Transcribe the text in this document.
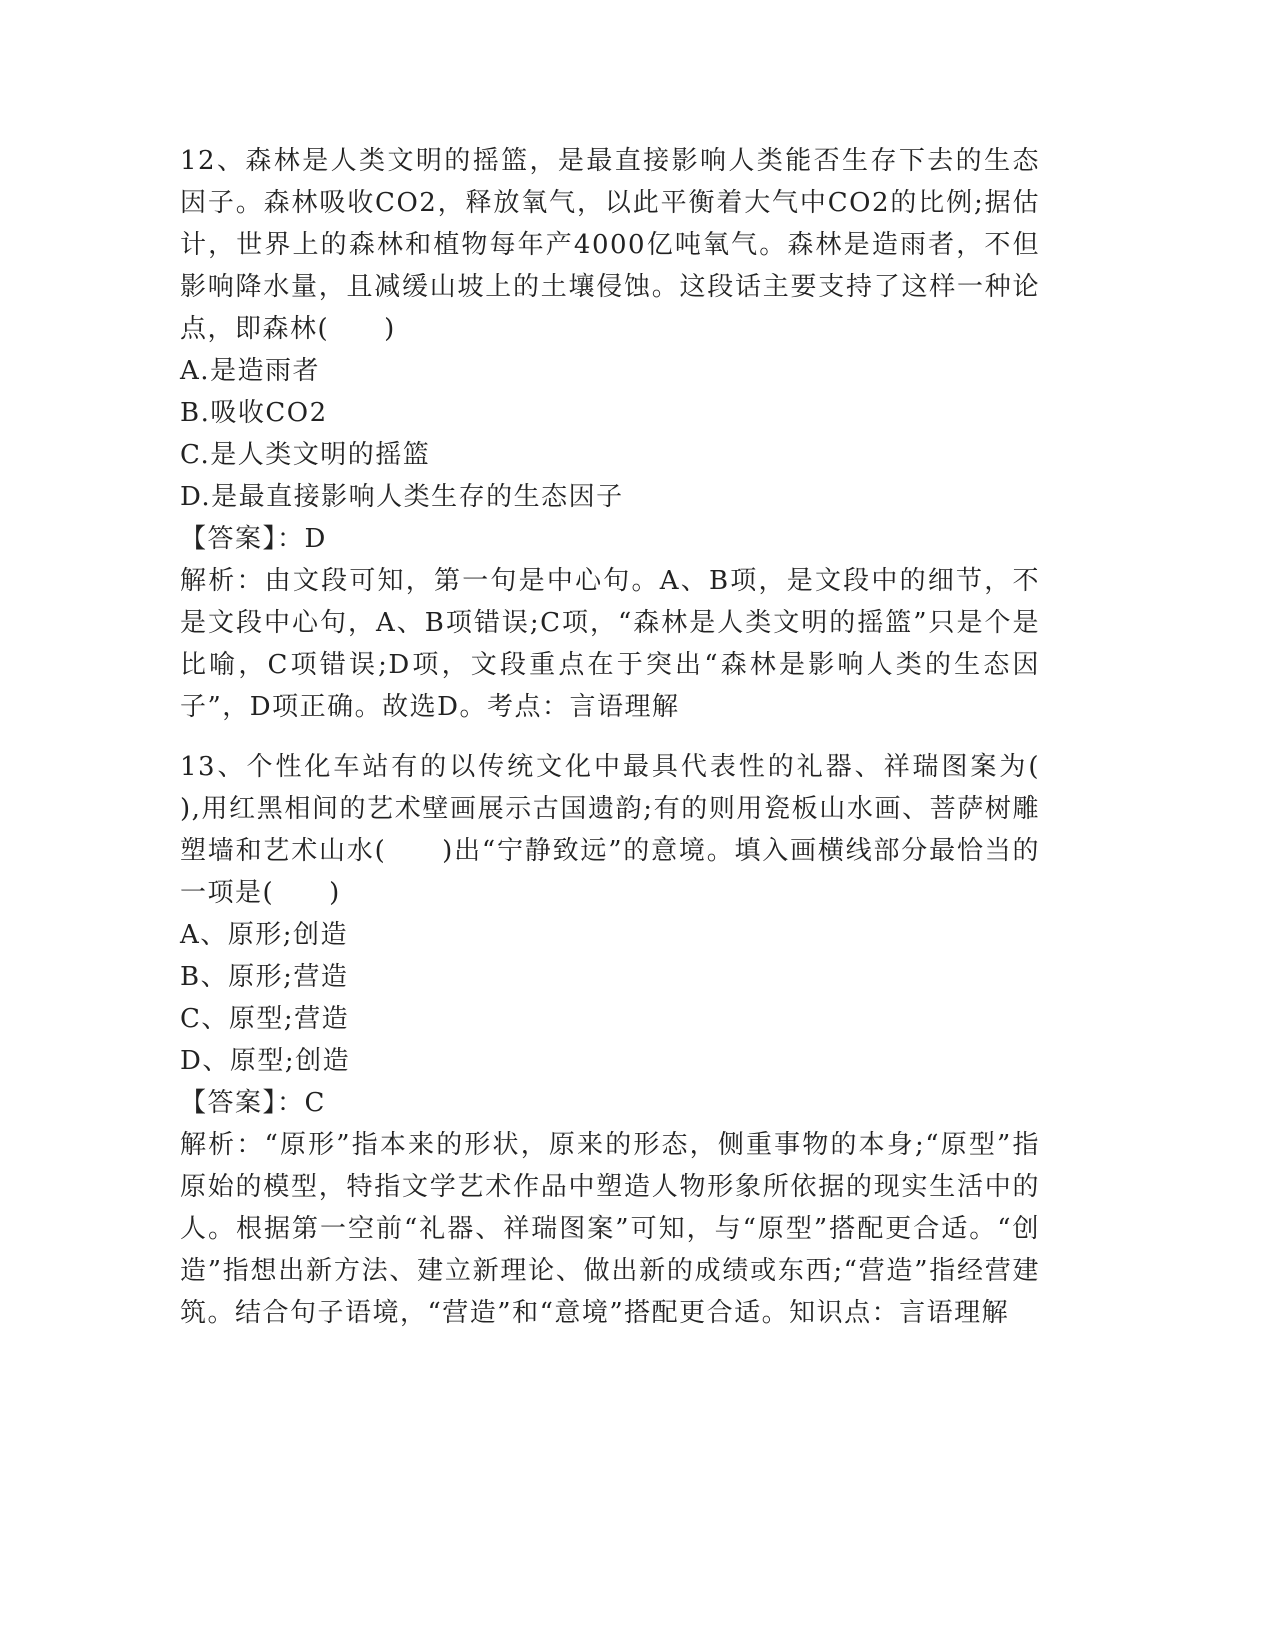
12、森林是人类文明的摇篮，是最直接影响人类能否生存下去的生态因子。森林吸收CO2，释放氧气，以此平衡着大气中CO2的比例;据估计，世界上的森林和植物每年产4000亿吨氧气。森林是造雨者，不但影响降水量，且减缓山坡上的土壤侵蚀。这段话主要支持了这样一种论点，即森林(　　)

A.是造雨者

B.吸收CO2

C.是人类文明的摇篮

D.是最直接影响人类生存的生态因子

【答案】：D

解析：由文段可知，第一句是中心句。A、B项，是文段中的细节，不是文段中心句，A、B项错误;C项，“森林是人类文明的摇篮”只是个是比喻，C项错误;D项，文段重点在于突出“森林是影响人类的生态因子”，D项正确。故选D。考点：言语理解

13、个性化车站有的以传统文化中最具代表性的礼器、祥瑞图案为(　　),用红黑相间的艺术壁画展示古国遗韵;有的则用瓷板山水画、菩萨树雕塑墙和艺术山水(　　)出“宁静致远”的意境。填入画横线部分最恰当的一项是(　　)

A、原形;创造

B、原形;营造

C、原型;营造

D、原型;创造

【答案】：C

解析：“原形”指本来的形状，原来的形态，侧重事物的本身;“原型”指原始的模型，特指文学艺术作品中塑造人物形象所依据的现实生活中的人。根据第一空前“礼器、祥瑞图案”可知，与“原型”搭配更合适。“创造”指想出新方法、建立新理论、做出新的成绩或东西;“营造”指经营建筑。结合句子语境，“营造”和“意境”搭配更合适。知识点：言语理解
